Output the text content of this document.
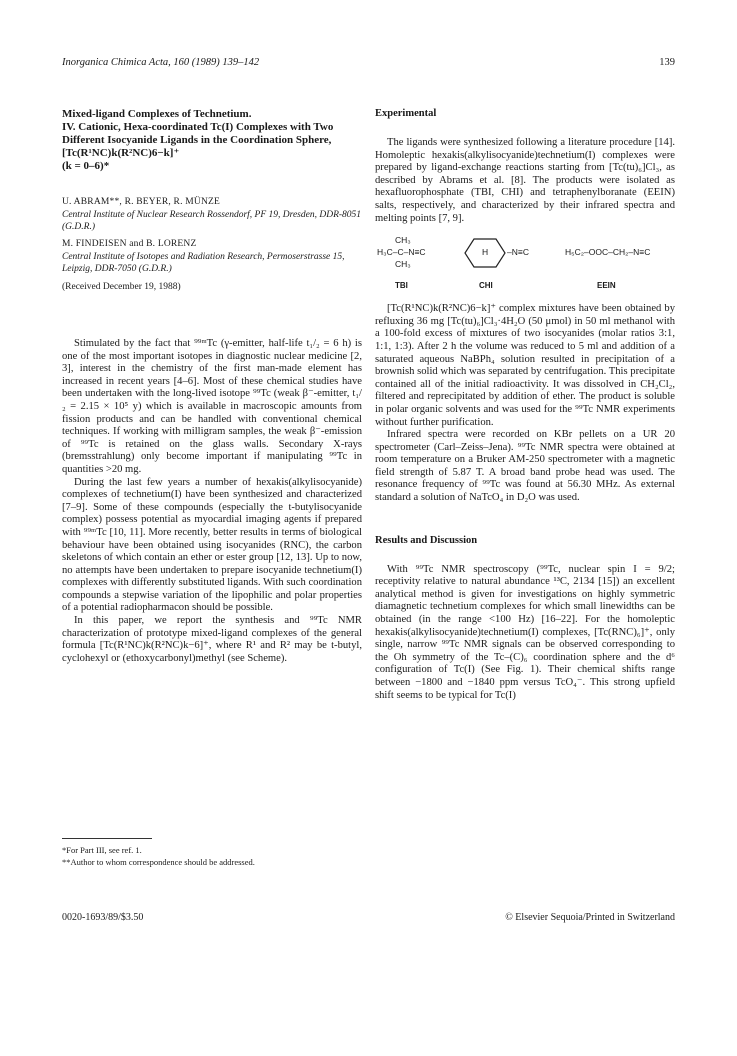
Inorganica Chimica Acta, 160 (1989) 139–142	139
Mixed-ligand Complexes of Technetium.
IV. Cationic, Hexa-coordinated Tc(I) Complexes with Two Different Isocyanide Ligands in the Coordination Sphere, [Tc(R¹NC)k(R²NC)6−k]⁺
(k = 0–6)*
U. ABRAM**, R. BEYER, R. MÜNZE
Central Institute of Nuclear Research Rossendorf, PF 19, Dresden, DDR-8051 (G.D.R.)
M. FINDEISEN and B. LORENZ
Central Institute of Isotopes and Radiation Research, Permoserstrasse 15, Leipzig, DDR-7050 (G.D.R.)
(Received December 19, 1988)

Stimulated by the fact that ⁹⁹ᵐTc (γ-emitter, half-life t₁/₂ = 6 h) is one of the most important isotopes in diagnostic nuclear medicine [2, 3], interest in the chemistry of the first man-made element has increased in recent years [4–6]. Most of these chemical studies have been undertaken with the long-lived isotope ⁹⁹Tc (weak β⁻-emitter, t₁/₂ = 2.15 × 10⁵ y) which is available in macroscopic amounts from fission products and can be handled with conventional chemical techniques. If working with milligram samples, the weak β⁻-emission of ⁹⁹Tc is retained on the glass walls. Secondary X-rays (bremsstrahlung) only become important if manipulating ⁹⁹Tc in quantities >20 mg.

During the last few years a number of hexakis(alkylisocyanide) complexes of technetium(I) have been synthesized and characterized [7–9]. Some of these compounds (especially the t-butylisocyanide complex) possess potential as myocardial imaging agents if prepared with ⁹⁹ᵐTc [10, 11]. More recently, better results in terms of biological behaviour have been obtained using isocyanides (RNC), the carbon skeletons of which contain an ether or ester group [12, 13]. Up to now, no attempts have been undertaken to prepare isocyanide technetium(I) complexes with differently substituted ligands. With such coordination compounds a stepwise variation of the lipophilic and polar properties of a potential radiopharmacon should be possible.

In this paper, we report the synthesis and ⁹⁹Tc NMR characterization of prototype mixed-ligand complexes of the general formula [Tc(R¹NC)k(R²NC)k−6]⁺, where R¹ and R² may be t-butyl, cyclohexyl or (ethoxycarbonyl)methyl (see Scheme).

Experimental

The ligands were synthesized following a literature procedure [14]. Homoleptic hexakis(alkylisocyanide)technetium(I) complexes were prepared by ligand-exchange reactions starting from [Tc(tu)₆]Cl₃, as described by Abrams et al. [8]. The products were isolated as hexafluorophosphate (TBI, CHI) and tetraphenylboranate (EEIN) salts, respectively, and characterized by their infrared spectra and melting points [7, 9].

CH₃
H₃C–C–N≡C
CH₃
H –N≡C	H₅C₂–OOC–CH₂–N≡C
TBI	CHI	EEIN

[Tc(R¹NC)k(R²NC)6−k]⁺ complex mixtures have been obtained by refluxing 36 mg [Tc(tu)₆]Cl₃·4H₂O (50 μmol) in 50 ml methanol with a 100-fold excess of mixtures of two isocyanides (molar ratios 3:1, 1:1, 1:3). After 2 h the volume was reduced to 5 ml and addition of a saturated aqueous NaBPh₄ solution resulted in precipitation of a brownish solid which was separated by centrifugation. This precipitate contained all of the initial radioactivity. It was dissolved in CH₂Cl₂, filtered and reprecipitated by addition of ether. The product is soluble in polar organic solvents and was used for the ⁹⁹Tc NMR experiments without further purification.

Infrared spectra were recorded on KBr pellets on a UR 20 spectrometer (Carl–Zeiss–Jena). ⁹⁹Tc NMR spectra were obtained at room temperature on a Bruker AM-250 spectrometer with a magnetic field strength of 5.87 T. A broad band probe head was used. The resonance frequency of ⁹⁹Tc was found at 56.30 MHz. As external standard a solution of NaTcO₄ in D₂O was used.

Results and Discussion

With ⁹⁹Tc NMR spectroscopy (⁹⁹Tc, nuclear spin I = 9/2; receptivity relative to natural abundance ¹³C, 2134 [15]) an excellent analytical method is given for investigations on highly symmetric diamagnetic technetium complexes for which small linewidths can be obtained (in the range <100 Hz) [16–22]. For the homoleptic hexakis(alkylisocyanide)technetium(I) complexes, [Tc(RNC)₆]⁺, only single, narrow ⁹⁹Tc NMR signals can be observed corresponding to the Oh symmetry of the Tc–(C)₆ coordination sphere and the d⁶ configuration of Tc(I) (See Fig. 1). Their chemical shifts range between −1800 and −1840 ppm versus TcO₄⁻. This strong upfield shift seems to be typical for Tc(I)

*For Part III, see ref. 1.
**Author to whom correspondence should be addressed.
0020-1693/89/$3.50	© Elsevier Sequoia/Printed in Switzerland
